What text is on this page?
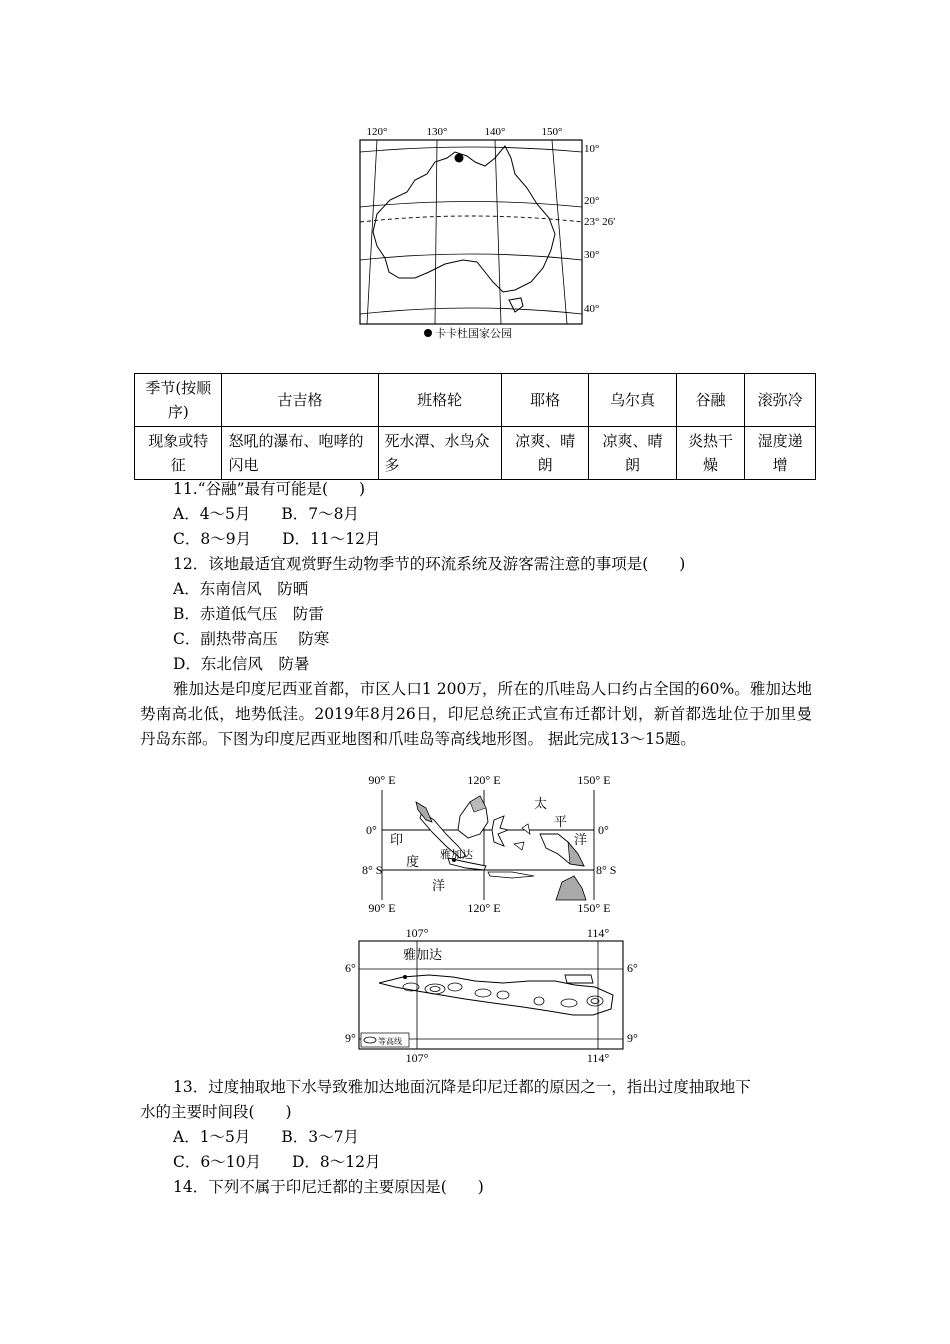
120°	130°	140°	150°
10°
20°
23° 26′
30°
40°
卡卡杜国家公园
季节(按顺序)	古吉格	班格轮	耶格	乌尔真	谷融	滚弥冷
现象或特征	怒吼的瀑布、咆哮的闪电	死水潭、水鸟众多	凉爽、晴朗	凉爽、晴朗	炎热干燥	湿度递增
11.“谷融”最有可能是(　　)
A．4～5月　　B．7～8月
C．8～9月　　D．11～12月
12．该地最适宜观赏野生动物季节的环流系统及游客需注意的事项是(　　)
A．东南信风　防晒
B．赤道低气压　防雷
C．副热带高压　 防寒
D．东北信风　防暑
雅加达是印度尼西亚首都，市区人口1 200万，所在的爪哇岛人口约占全国的60%。雅加达地势南高北低，地势低洼。2019年8月26日，印尼总统正式宣布迁都计划，新首都选址位于加里曼丹岛东部。下图为印度尼西亚地图和爪哇岛等高线地形图。 据此完成13～15题。
90° E	120° E	150° E
90° E	120° E	150° E
0°
8° S
0°
8° S
印
度
洋
太
平
洋
雅加达
等高线
107°	114°
107°	114°
6°
9°
6°
9°
雅加达
13．过度抽取地下水导致雅加达地面沉降是印尼迁都的原因之一，指出过度抽取地下
水的主要时间段(　　)
A．1～5月　　B．3～7月
C．6～10月　　D．8～12月
14．下列不属于印尼迁都的主要原因是(　　)
